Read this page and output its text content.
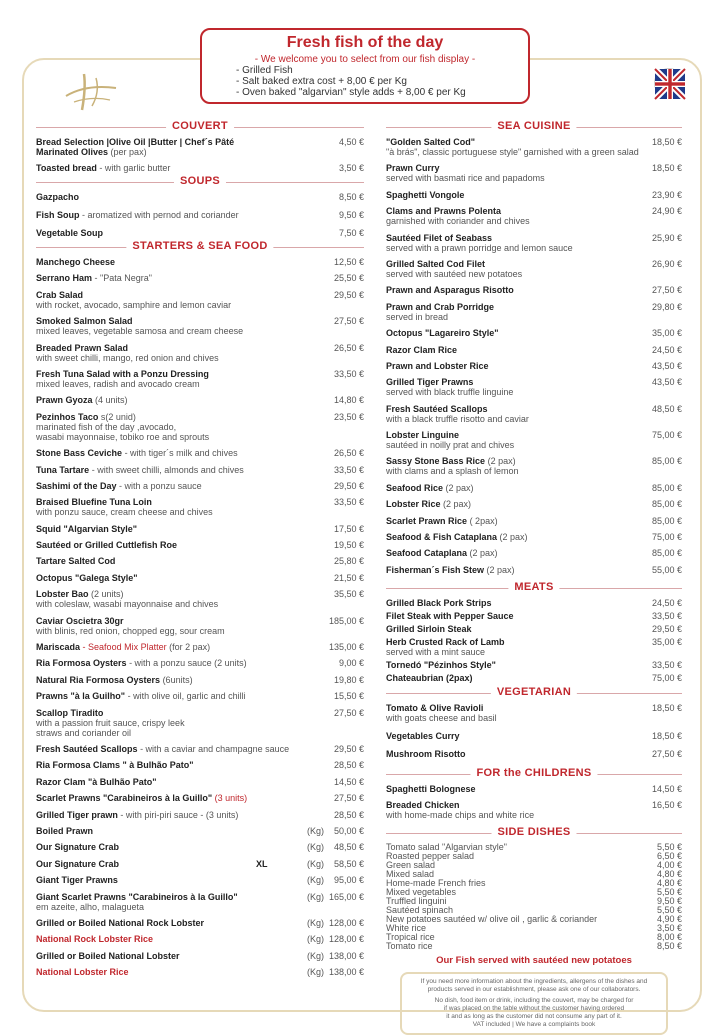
Fresh fish of the day
- We welcome you to select from our fish display -
- Grilled Fish
- Salt baked extra cost + 8,00 € per Kg
- Oven baked "algarvian" style adds + 8,00 € per Kg
COUVERT
Bread Selection |Olive Oil |Butter | Chef´s Pâté	4,50 €
Marinated Olives (per pax)
Toasted bread - with garlic butter	3,50 €
SOUPS
Gazpacho	8,50 €
Fish Soup - aromatized with pernod and coriander	9,50 €
Vegetable Soup	7,50 €
STARTERS & SEA FOOD
Manchego Cheese	12,50 €
Serrano Ham - "Pata Negra"	25,50 €
Crab Salad
with rocket, avocado, samphire and lemon caviar
29,50 €
Smoked Salmon Salad
mixed leaves, vegetable samosa and cream cheese
27,50 €
Breaded Prawn Salad
with sweet chilli, mango, red onion and chives
26,50 €
Fresh Tuna Salad with a Ponzu Dressing
mixed leaves, radish and avocado cream
33,50 €
Prawn Gyoza (4 units)	14,80 €
Pezinhos Taco s(2 unid)
marinated fish of the day ,avocado,
wasabi mayonnaise, tobiko roe and sprouts
23,50 €
Stone Bass Ceviche - with tiger´s milk and chives	26,50 €
Tuna Tartare - with sweet chilli, almonds and chives	33,50 €
Sashimi of the Day - with a ponzu sauce	29,50 €
Braised Bluefine Tuna Loin
with ponzu sauce, cream cheese and chives
33,50 €
Squid "Algarvian Style"	17,50 €
Sautéed or Grilled Cuttlefish Roe	19,50 €
Tartare Salted Cod	25,80 €
Octopus "Galega Style"	21,50 €
Lobster Bao (2 units)
with coleslaw, wasabi mayonnaise and chives
35,50 €
Caviar Oscietra 30gr
with blinis, red onion, chopped egg, sour cream
185,00 €
Mariscada - Seafood Mix Platter (for 2 pax)	135,00 €
Ria Formosa Oysters - with a ponzu sauce (2 units)	9,00 €
Natural Ria Formosa Oysters (6units)	19,80 €
Prawns "à la Guilho" - with olive oil, garlic and chilli	15,50 €
Scallop Tiradito
with a passion fruit sauce, crispy leek
straws and coriander oil
27,50 €
Fresh Sautéed Scallops - with a caviar and champagne sauce	29,50 €
Ria Formosa Clams " à Bulhão Pato"	28,50 €
Razor Clam "à Bulhão Pato"	14,50 €
Scarlet Prawns "Carabineiros à la Guillo" (3 units)	27,50 €
Grilled Tiger prawn - with piri-piri sauce - (3 units)	28,50 €
Boiled Prawn	(Kg) 50,00 €
Our Signature Crab	(Kg) 48,50 €
Our Signature Crab	XL	(Kg) 58,50 €
Giant Tiger Prawns	(Kg) 95,00 €
Giant Scarlet Prawns "Carabineiros à la Guillo"
em azeite, alho, malagueta
(Kg) 165,00 €
Grilled or Boiled National Rock Lobster	(Kg) 128,00 €
National Rock Lobster Rice	(Kg) 128,00 €
Grilled or Boiled National Lobster	(Kg) 138,00 €
National Lobster Rice	(Kg) 138,00 €
SEA CUISINE
"Golden Salted Cod"
"à brás", classic portuguese style" garnished with a green salad
18,50 €
Prawn Curry
served with basmati rice and papadoms
18,50 €
Spaghetti Vongole	23,90 €
Clams and Prawns Polenta
garnished with coriander and chives
24,90 €
Sautéed Filet of Seabass
served with a prawn porridge and lemon sauce
25,90 €
Grilled Salted Cod Filet
served with sautéed new potatoes
26,90 €
Prawn and Asparagus Risotto	27,50 €
Prawn and Crab Porridge
served in bread
29,80 €
Octopus "Lagareiro Style"	35,00 €
Razor Clam Rice	24,50 €
Prawn and Lobster Rice	43,50 €
Grilled Tiger Prawns
served with black truffle linguine
43,50 €
Fresh Sautéed Scallops
with a black truffle risotto and caviar
48,50 €
Lobster Linguine
sautéed in noilly prat and chives
75,00 €
Sassy Stone Bass Rice (2 pax)
with clams and a splash of lemon
85,00 €
Seafood Rice (2 pax)	85,00 €
Lobster Rice (2 pax)	85,00 €
Scarlet Prawn Rice ( 2pax)	85,00 €
Seafood & Fish Cataplana (2 pax)	75,00 €
Seafood Cataplana (2 pax)	85,00 €
Fisherman´s Fish Stew (2 pax)	55,00 €
MEATS
Grilled Black Pork Strips	24,50 €
Filet Steak with Pepper Sauce	33,50 €
Grilled Sirloin Steak	29,50 €
Herb Crusted Rack of Lamb
served with a mint sauce
35,00 €
Tornedó "Pézinhos Style"	33,50 €
Chateaubrian (2pax)	75,00 €
VEGETARIAN
Tomato & Olive Ravioli
with goats cheese and basil
18,50 €
Vegetables Curry	18,50 €
Mushroom Risotto	27,50 €
FOR the CHILDRENS
Spaghetti Bolognese	14,50 €
Breaded Chicken
with home-made chips and white rice
16,50 €
SIDE DISHES
Tomato salad "Algarvian style"	5,50 €
Roasted pepper salad	6,50 €
Green salad	4,00 €
Mixed salad	4,80 €
Home-made French fries	4,80 €
Mixed vegetables	5,50 €
Truffled linguini	9,50 €
Sautéed spinach	5,50 €
New potatoes sautéed w/ olive oil , garlic & coriander	4,90 €
White rice	3,50 €
Tropical rice	8,00 €
Tomato rice	8,50 €
Our Fish served with sautéed new potatoes
If you need more information about the ingredients, allergens of the dishes and
products served in our establishment, please ask one of our collaborators.
No dish, food item or drink, including the couvert, may be charged for
if was placed on the table without the customer having ordered
it and as long as the customer did not consume any part of it.
VAT included | We have a complaints book
